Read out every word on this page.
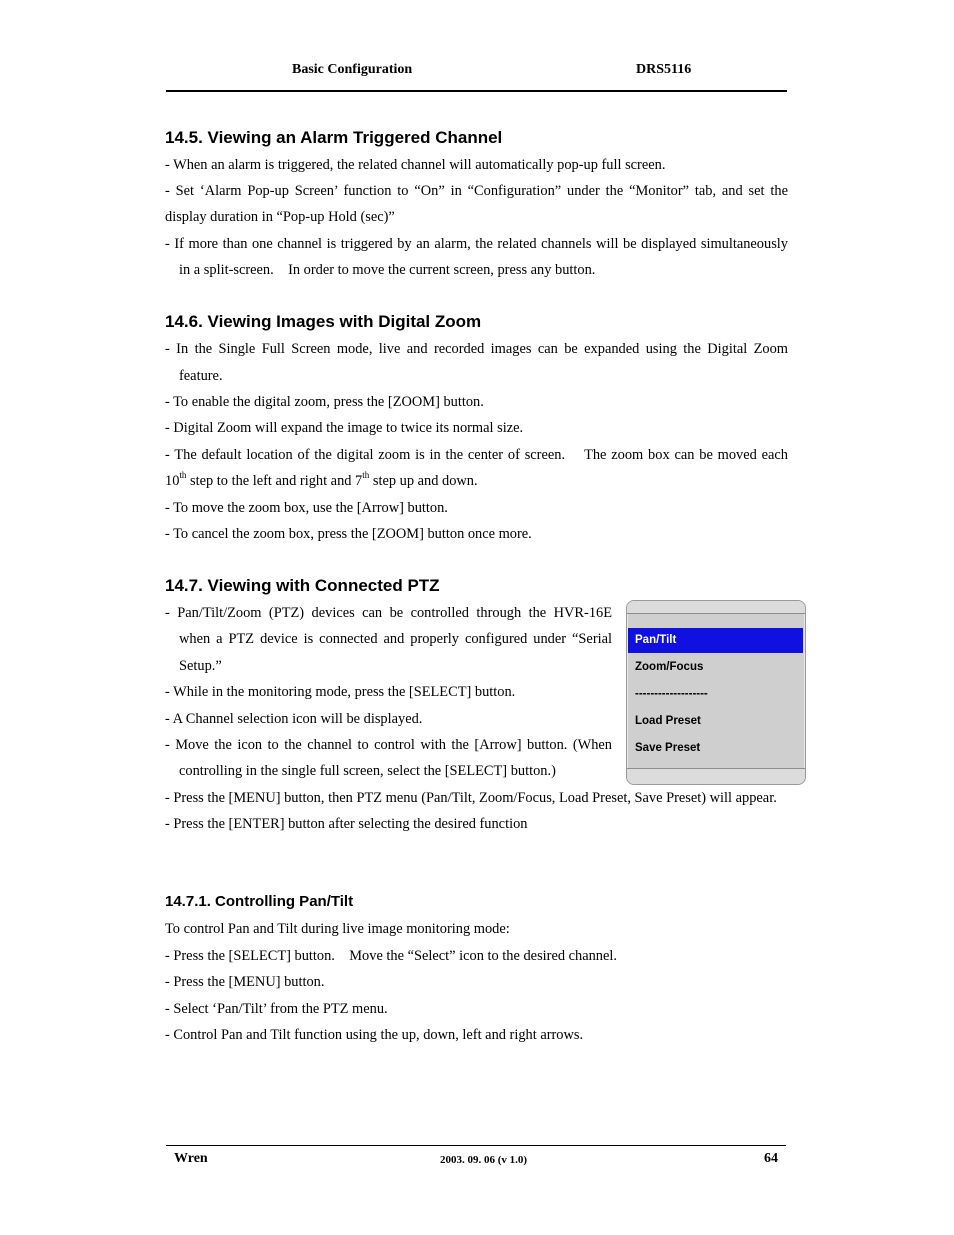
Basic Configuration	DRS5116
14.5. Viewing an Alarm Triggered Channel
- When an alarm is triggered, the related channel will automatically pop-up full screen.
- Set ‘Alarm Pop-up Screen’ function to “On” in “Configuration” under the “Monitor” tab, and set the
display duration in “Pop-up Hold (sec)”
- If more than one channel is triggered by an alarm, the related channels will be displayed simultaneously
in a split-screen.    In order to move the current screen, press any button.
14.6. Viewing Images with Digital Zoom
- In the Single Full Screen mode, live and recorded images can be expanded using the Digital Zoom
feature.
- To enable the digital zoom, press the [ZOOM] button.
- Digital Zoom will expand the image to twice its normal size.
- The default location of the digital zoom is in the center of screen.    The zoom box can be moved each
10th step to the left and right and 7th step up and down.
- To move the zoom box, use the [Arrow] button.
- To cancel the zoom box, press the [ZOOM] button once more.
14.7. Viewing with Connected PTZ
- Pan/Tilt/Zoom (PTZ) devices can be controlled through the HVR-16E
when a PTZ device is connected and properly configured under “Serial
Setup.”
- While in the monitoring mode, press the [SELECT] button.
- A Channel selection icon will be displayed.
- Move the icon to the channel to control with the [Arrow] button. (When
controlling in the single full screen, select the [SELECT] button.)
- Press the [MENU] button, then PTZ menu (Pan/Tilt, Zoom/Focus, Load Preset, Save Preset) will appear.
- Press the [ENTER] button after selecting the desired function
Pan/Tilt
Zoom/Focus
-------------------
Load Preset
Save Preset
14.7.1. Controlling Pan/Tilt
To control Pan and Tilt during live image monitoring mode:
- Press the [SELECT] button.    Move the “Select” icon to the desired channel.
- Press the [MENU] button.
- Select ‘Pan/Tilt’ from the PTZ menu.
- Control Pan and Tilt function using the up, down, left and right arrows.
Wren	2003. 09. 06 (v 1.0)	64
